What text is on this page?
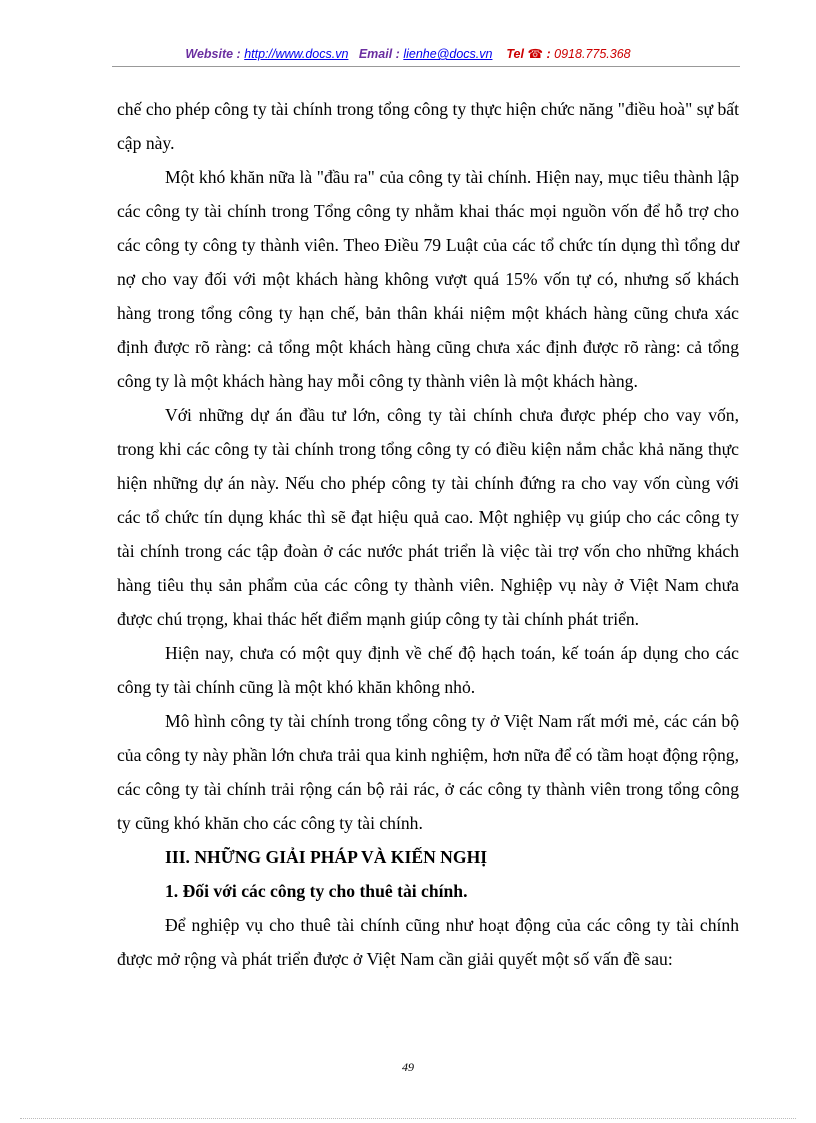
Website : http://www.docs.vn Email : lienhe@docs.vn Tel ☎ : 0918.775.368

chế cho phép công ty tài chính trong tổng công ty thực hiện chức năng "điều hoà" sự bất cập này.

Một khó khăn nữa là "đầu ra" của công ty tài chính. Hiện nay, mục tiêu thành lập các công ty tài chính trong Tổng công ty nhằm khai thác mọi nguồn vốn để hỗ trợ cho các công ty công ty thành viên. Theo Điều 79 Luật của các tổ chức tín dụng thì tổng dư nợ cho vay đối với một khách hàng không vượt quá 15% vốn tự có, nhưng số khách hàng trong tổng công ty hạn chế, bản thân khái niệm một khách hàng cũng chưa xác định được rõ ràng: cả tổng một khách hàng cũng chưa xác định được rõ ràng: cả tổng công ty là một khách hàng hay mỗi công ty thành viên là một khách hàng.

Với những dự án đầu tư lớn, công ty tài chính chưa được phép cho vay vốn, trong khi các công ty tài chính trong tổng công ty có điều kiện nắm chắc khả năng thực hiện những dự án này. Nếu cho phép công ty tài chính đứng ra cho vay vốn cùng với các tổ chức tín dụng khác thì sẽ đạt hiệu quả cao. Một nghiệp vụ giúp cho các công ty tài chính trong các tập đoàn ở các nước phát triển là việc tài trợ vốn cho những khách hàng tiêu thụ sản phẩm của các công ty thành viên. Nghiệp vụ này ở Việt Nam chưa được chú trọng, khai thác hết điểm mạnh giúp công ty tài chính phát triển.

Hiện nay, chưa có một quy định về chế độ hạch toán, kế toán áp dụng cho các công ty tài chính cũng là một khó khăn không nhỏ.

Mô hình công ty tài chính trong tổng công ty ở Việt Nam rất mới mẻ, các cán bộ của công ty này phần lớn chưa trải qua kinh nghiệm, hơn nữa để có tầm hoạt động rộng, các công ty tài chính trải rộng cán bộ rải rác, ở các công ty thành viên trong tổng công ty cũng khó khăn cho các công ty tài chính.

III. NHỮNG GIẢI PHÁP VÀ KIẾN NGHỊ

1. Đối với các công ty cho thuê tài chính.

Để nghiệp vụ cho thuê tài chính cũng như hoạt động của các công ty tài chính được mở rộng và phát triển được ở Việt Nam cần giải quyết một số vấn đề sau:

49
